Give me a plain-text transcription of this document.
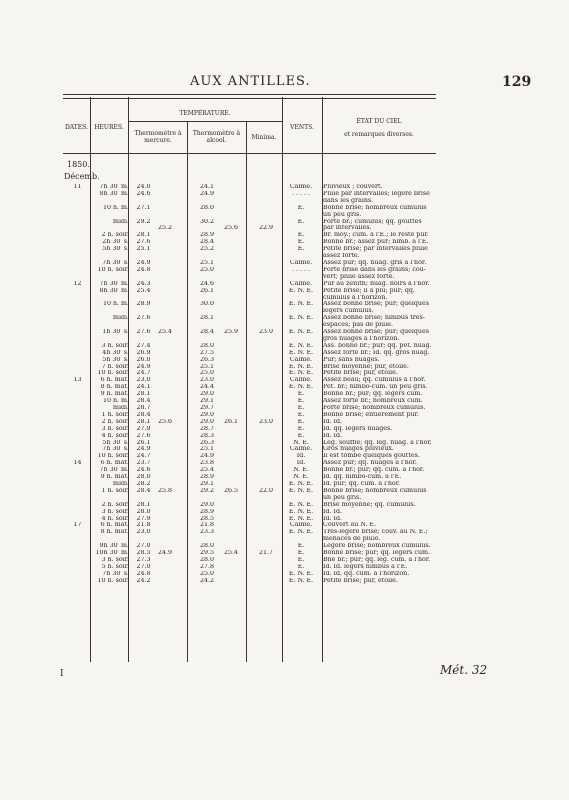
AUX ANTILLES.	129
DATES.	HEURES.
TEMPÉRATURE.
Thermomètre à mercure.
Thermomètre à alcool.	Minima.
VENTS.
ÉTAT DU CIEL
et remarques diverses.
1850.
Décemb.
11	7h 30′ m.	24.0		24.1			Calme.	Pluvieux ; couvert.
	8h 30′ m.	24.6		24.9			. . . . .	Pluie par intervalles; légère brise
								dans les grains.
	10 h. m.	27.1		28.0			E.	Bonne brise; nombreux cumulus
								un peu gris.
	midi.	29.2		30.2			E.	Forte br.; cumulus; qq. gouttes
			25.2		25.6	22.9		par intervalles.
	2 h. soir.	28.1		28.9			E.	Br. moy.; cum. à l'E.; le reste pur.
	2h 30′ s.	27.6		28.4			E.	Bonne br.; assez pur; nimb. à l'E.
	5h 30′ s.	25.1		25.2			E.	Petite brise; par intervalles pluie
								assez forte.
	7h 30′ s.	24.9		25.1			Calme.	Assez pur; qq. nuag. gris à l'hor.
	10 h. soir.	24.8		25.0			. . . . .	Forte brise dans les grains; cou-
								vert; pluie assez forte.
12	7h 30′ m.	24.3		24.6			Calme.	Pur au zénith; nuag. noirs à l'hor.
	8h 30′ m.	25.4		26.1			E. N. E.	Petite brise; il a plu; pur; qq.
								cumulus à l'horizon.
	10 h. m.	28.9		30.0			E. N. E.	Assez bonne brise; pur; quelques
								légers cumulus.
	midi.	27.6		28.1			E. N. E.	Assez bonne brise; nimbus très-
								espacés; pas de pluie.
	1h 30′ s.	27.6	25.4	28.4	25.9	23.0	E. N. E.	Assez bonne brise; pur; quelques
								gros nuages à l'horizon.
	3 h. soir.	27.4		28.0			E. N. E.	Ass. bonne br.; pur; qq. pet. nuag.
	4h 30′ s.	26.9		27.5			E. N. E.	Assez forte br.; Id. qq. gros nuag.
	5h 30′ s.	26.0		26.3			Calme.	Pur; sans nuages.
	7 h. soir.	24.9		25.1			E. N. E.	Brise moyenne; pur, étoilé.
	10 h. soir.	24.7		25.0			E. N. E.	Petite brise; pur, étoilé.
13	6 h. mat.	23.0		23.0			Calme.	Assez beau; qq. cumulus à l'hor.
	8 h. mat.	24.1		24.4			E. N. E.	Pet. br.; nimbo-cum. un peu gris.
	9 h. mat.	28.1		29.0			E.	Bonne br.; pur; qq. légers cum.
	10 h. m.	28.4		29.1			E.	Assez forte br.; nombreux cum.
	midi.	28.7		29.7			E.	Forte brise; nombreux cumulus.
	1 h. soir.	28.4		29.0			E.	Bonne brise; entièrement pur.
	2 h. soir.	28.1	25.6	29.0	26.1	23.0	E.	Id. Id.
	3 h. soir.	27.9		28.7			E.	Id. qq. légers nuages.
	4 h. soir.	27.6		28.3			E.	Id. Id.
	5h 30′ s.	26.1		26.3			N. E.	Lég. souffle; qq. lég. nuag. à l'hor.
	7h 30′ s.	24.9		25.1			Calme.	Gros nuages pluvieux.
	10 h. soir.	24.7		24.9			Id.	Il est tombé quelques gouttes.
14	6 h. mat.	23.7		23.8			Id.	Assez pur; qq. nuages à l'hor.
	7h 30′ m.	24.6		25.4			N. E.	Bonne br.; pur; qq. cum. à l'hor.
	9 h. mat.	28.0		28.9			N. E.	Id. qq. nimbo-cum. à l'E.
	midi.	28.2		29.1			E. N. E.	Id. pur; qq. cum. à l'hor.
	1 h. soir.	28.4	25.8	29.2	26.5	22.0	E. N. E.	Bonne brise; nombreux cumulus
								un peu gris.
	2 h. soir.	28.1		29.0			E. N. E.	Brise moyenne; qq. cumulus.
	3 h. soir.	28.0		28.9			E. N. E.	Id. Id.
	4 h. soir.	27.9		28.5			E. N. E.	Id. Id.
17	6 h. mat.	21.8		21.8			Calme.	Couvert au N. E.
	8 h. mat.	23.0		23.3			E. N. E.	Très-légère brise; couv. au N. E.;
								menaces de pluie.
	9h 30′ m.	27.0		28.0			E.	Légère brise; nombreux cumulus.
	10h 30′ m.	28.5	24.9	29.5	25.4	21.7	E.	Bonne brise; pur; qq. légers cum.
	3 h. soir.	27.3		28.0			E.	Bne br.; pur; qq. lég. cum. à l'hor.
	5 h. soir.	27.0		27.8			E.	Id. Id. légers nimbus à l'E.
	7h 30′ s.	24.8		25.0			E. N. E.	Id. Id. qq. cum. à l'horizon.
	10 h. soir.	24.2		24.2			E. N. E.	Petite brise; pur, étoilé.
I	Mét. 32
